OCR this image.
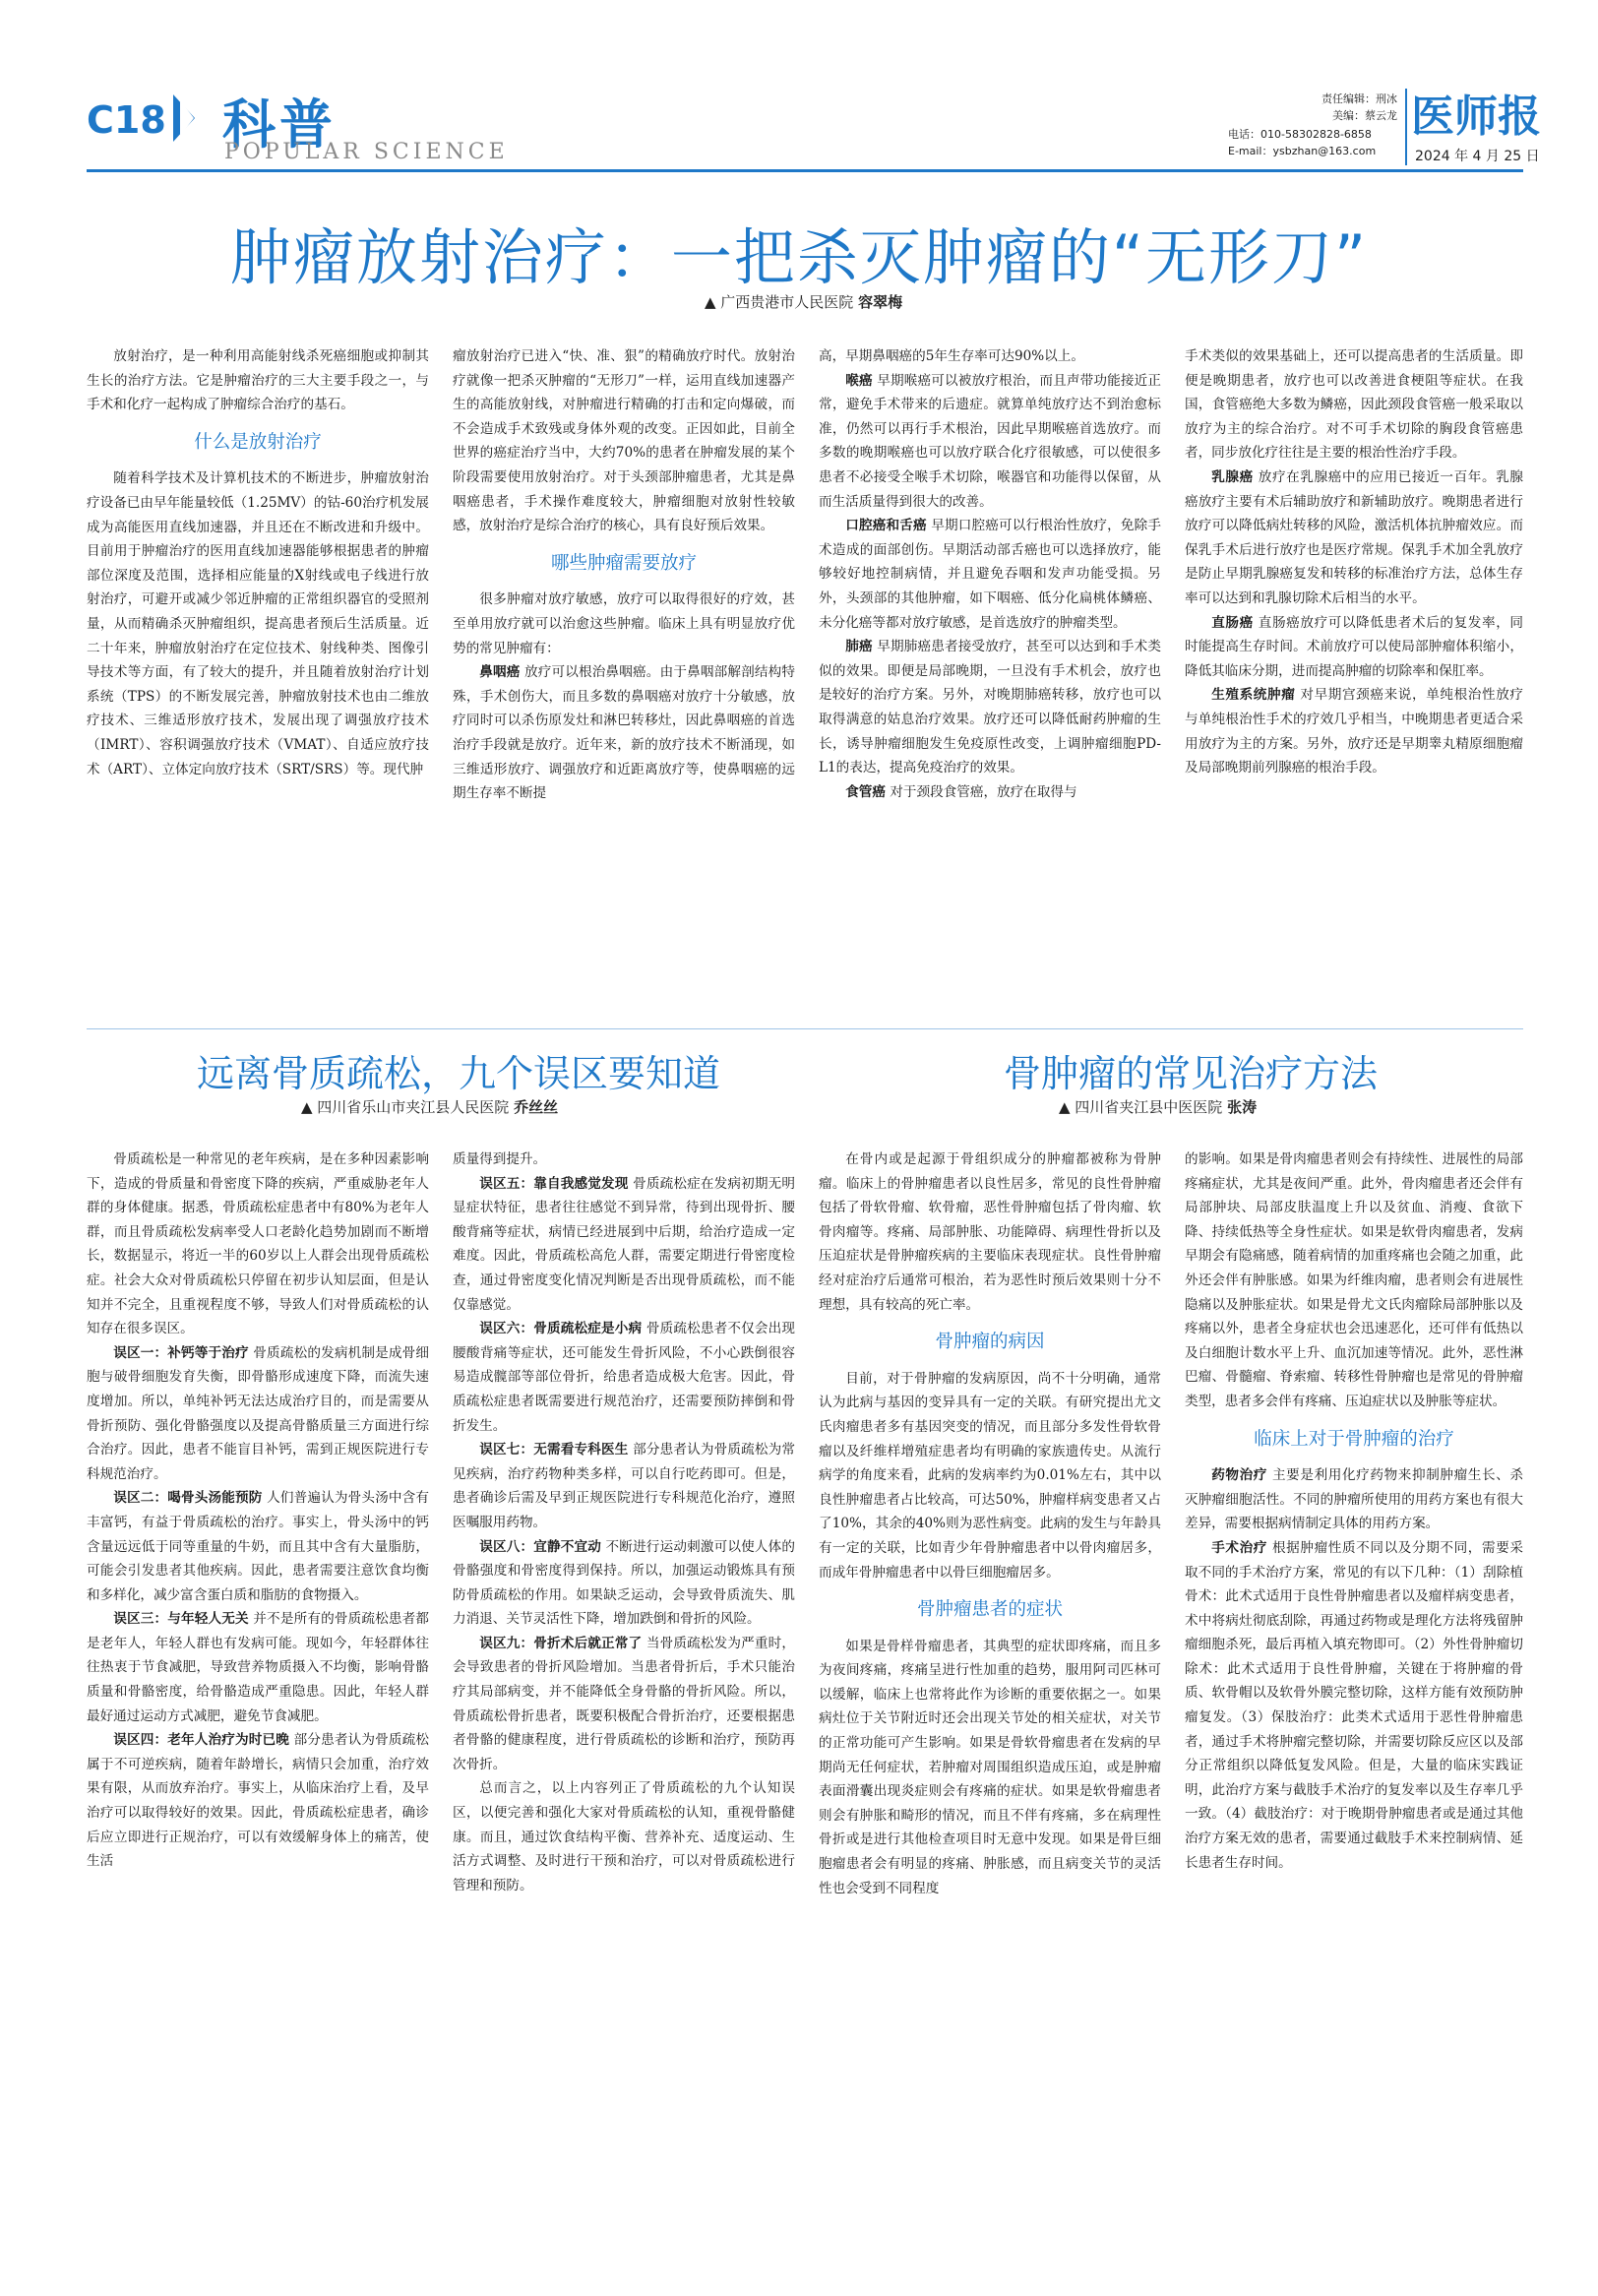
C18 科普
POPULAR SCIENCE
责任编辑：刑冰
美编：蔡云龙
电话：010-58302828-6858
E-mail：ysbzhan@163.com
医师报
2024 年 4 月 25 日
肿瘤放射治疗：一把杀灭肿瘤的“无形刀”
▲ 广西贵港市人民医院 容翠梅

放射治疗，是一种利用高能射线杀死癌细胞或抑制其生长的治疗方法。它是肿瘤治疗的三大主要手段之一，与手术和化疗一起构成了肿瘤综合治疗的基石。

什么是放射治疗

随着科学技术及计算机技术的不断进步，肿瘤放射治疗设备已由早年能量较低（1.25MV）的钴-60治疗机发展成为高能医用直线加速器，并且还在不断改进和升级中。目前用于肿瘤治疗的医用直线加速器能够根据患者的肿瘤部位深度及范围，选择相应能量的X射线或电子线进行放射治疗，可避开或减少邻近肿瘤的正常组织器官的受照剂量，从而精确杀灭肿瘤组织，提高患者预后生活质量。近二十年来，肿瘤放射治疗在定位技术、射线种类、图像引导技术等方面，有了较大的提升，并且随着放射治疗计划系统（TPS）的不断发展完善，肿瘤放射技术也由二维放疗技术、三维适形放疗技术，发展出现了调强放疗技术（IMRT）、容积调强放疗技术（VMAT）、自适应放疗技术（ART）、立体定向放疗技术（SRT/SRS）等。现代肿

瘤放射治疗已进入“快、准、狠”的精确放疗时代。放射治疗就像一把杀灭肿瘤的“无形刀”一样，运用直线加速器产生的高能放射线，对肿瘤进行精确的打击和定向爆破，而不会造成手术致残或身体外观的改变。正因如此，目前全世界的癌症治疗当中，大约70%的患者在肿瘤发展的某个阶段需要使用放射治疗。对于头颈部肿瘤患者，尤其是鼻咽癌患者，手术操作难度较大，肿瘤细胞对放射性较敏感，放射治疗是综合治疗的核心，具有良好预后效果。

哪些肿瘤需要放疗

很多肿瘤对放疗敏感，放疗可以取得很好的疗效，甚至单用放疗就可以治愈这些肿瘤。临床上具有明显放疗优势的常见肿瘤有：

鼻咽癌 放疗可以根治鼻咽癌。由于鼻咽部解剖结构特殊，手术创伤大，而且多数的鼻咽癌对放疗十分敏感，放疗同时可以杀伤原发灶和淋巴转移灶，因此鼻咽癌的首选治疗手段就是放疗。近年来，新的放疗技术不断涌现，如三维适形放疗、调强放疗和近距离放疗等，使鼻咽癌的远期生存率不断提

高，早期鼻咽癌的5年生存率可达90%以上。

喉癌 早期喉癌可以被放疗根治，而且声带功能接近正常，避免手术带来的后遗症。就算单纯放疗达不到治愈标准，仍然可以再行手术根治，因此早期喉癌首选放疗。而多数的晚期喉癌也可以放疗联合化疗很敏感，可以使很多患者不必接受全喉手术切除，喉器官和功能得以保留，从而生活质量得到很大的改善。

口腔癌和舌癌 早期口腔癌可以行根治性放疗，免除手术造成的面部创伤。早期活动部舌癌也可以选择放疗，能够较好地控制病情，并且避免吞咽和发声功能受损。另外，头颈部的其他肿瘤，如下咽癌、低分化扁桃体鳞癌、未分化癌等都对放疗敏感，是首选放疗的肿瘤类型。

肺癌 早期肺癌患者接受放疗，甚至可以达到和手术类似的效果。即便是局部晚期，一旦没有手术机会，放疗也是较好的治疗方案。另外，对晚期肺癌转移，放疗也可以取得满意的姑息治疗效果。放疗还可以降低耐药肿瘤的生长，诱导肿瘤细胞发生免疫原性改变，上调肿瘤细胞PD-L1的表达，提高免疫治疗的效果。

食管癌 对于颈段食管癌，放疗在取得与

手术类似的效果基础上，还可以提高患者的生活质量。即便是晚期患者，放疗也可以改善进食梗阻等症状。在我国，食管癌绝大多数为鳞癌，因此颈段食管癌一般采取以放疗为主的综合治疗。对不可手术切除的胸段食管癌患者，同步放化疗往往是主要的根治性治疗手段。

乳腺癌 放疗在乳腺癌中的应用已接近一百年。乳腺癌放疗主要有术后辅助放疗和新辅助放疗。晚期患者进行放疗可以降低病灶转移的风险，激活机体抗肿瘤效应。而保乳手术后进行放疗也是医疗常规。保乳手术加全乳放疗是防止早期乳腺癌复发和转移的标准治疗方法，总体生存率可以达到和乳腺切除术后相当的水平。

直肠癌 直肠癌放疗可以降低患者术后的复发率，同时能提高生存时间。术前放疗可以使局部肿瘤体积缩小，降低其临床分期，进而提高肿瘤的切除率和保肛率。

生殖系统肿瘤 对早期宫颈癌来说，单纯根治性放疗与单纯根治性手术的疗效几乎相当，中晚期患者更适合采用放疗为主的方案。另外，放疗还是早期睾丸精原细胞瘤及局部晚期前列腺癌的根治手段。

远离骨质疏松，九个误区要知道
▲ 四川省乐山市夹江县人民医院 乔丝丝

骨质疏松是一种常见的老年疾病，是在多种因素影响下，造成的骨质量和骨密度下降的疾病，严重威胁老年人群的身体健康。据悉，骨质疏松症患者中有80%为老年人群，而且骨质疏松发病率受人口老龄化趋势加剧而不断增长，数据显示，将近一半的60岁以上人群会出现骨质疏松症。社会大众对骨质疏松只停留在初步认知层面，但是认知并不完全，且重视程度不够，导致人们对骨质疏松的认知存在很多误区。

误区一：补钙等于治疗 骨质疏松的发病机制是成骨细胞与破骨细胞发育失衡，即骨骼形成速度下降，而流失速度增加。所以，单纯补钙无法达成治疗目的，而是需要从骨折预防、强化骨骼强度以及提高骨骼质量三方面进行综合治疗。因此，患者不能盲目补钙，需到正规医院进行专科规范治疗。

误区二：喝骨头汤能预防 人们普遍认为骨头汤中含有丰富钙，有益于骨质疏松的治疗。事实上，骨头汤中的钙含量远远低于同等重量的牛奶，而且其中含有大量脂肪，可能会引发患者其他疾病。因此，患者需要注意饮食均衡和多样化，减少富含蛋白质和脂肪的食物摄入。

误区三：与年轻人无关 并不是所有的骨质疏松患者都是老年人，年轻人群也有发病可能。现如今，年轻群体往往热衷于节食减肥，导致营养物质摄入不均衡，影响骨骼质量和骨骼密度，给骨骼造成严重隐患。因此，年轻人群最好通过运动方式减肥，避免节食减肥。

误区四：老年人治疗为时已晚 部分患者认为骨质疏松属于不可逆疾病，随着年龄增长，病情只会加重，治疗效果有限，从而放弃治疗。事实上，从临床治疗上看，及早治疗可以取得较好的效果。因此，骨质疏松症患者，确诊后应立即进行正规治疗，可以有效缓解身体上的痛苦，使生活

质量得到提升。

误区五：靠自我感觉发现 骨质疏松症在发病初期无明显症状特征，患者往往感觉不到异常，待到出现骨折、腰酸背痛等症状，病情已经进展到中后期，给治疗造成一定难度。因此，骨质疏松高危人群，需要定期进行骨密度检查，通过骨密度变化情况判断是否出现骨质疏松，而不能仅靠感觉。

误区六：骨质疏松症是小病 骨质疏松患者不仅会出现腰酸背痛等症状，还可能发生骨折风险，不小心跌倒很容易造成髋部等部位骨折，给患者造成极大危害。因此，骨质疏松症患者既需要进行规范治疗，还需要预防摔倒和骨折发生。

误区七：无需看专科医生 部分患者认为骨质疏松为常见疾病，治疗药物种类多样，可以自行吃药即可。但是，患者确诊后需及早到正规医院进行专科规范化治疗，遵照医嘱服用药物。

误区八：宜静不宜动 不断进行运动刺激可以使人体的骨骼强度和骨密度得到保持。所以，加强运动锻炼具有预防骨质疏松的作用。如果缺乏运动，会导致骨质流失、肌力消退、关节灵活性下降，增加跌倒和骨折的风险。

误区九：骨折术后就正常了 当骨质疏松发为严重时，会导致患者的骨折风险增加。当患者骨折后，手术只能治疗其局部病变，并不能降低全身骨骼的骨折风险。所以，骨质疏松骨折患者，既要积极配合骨折治疗，还要根据患者骨骼的健康程度，进行骨质疏松的诊断和治疗，预防再次骨折。

总而言之，以上内容列正了骨质疏松的九个认知误区，以便完善和强化大家对骨质疏松的认知，重视骨骼健康。而且，通过饮食结构平衡、营养补充、适度运动、生活方式调整、及时进行干预和治疗，可以对骨质疏松进行管理和预防。

骨肿瘤的常见治疗方法
▲ 四川省夹江县中医医院 张涛

在骨内或是起源于骨组织成分的肿瘤都被称为骨肿瘤。临床上的骨肿瘤患者以良性居多，常见的良性骨肿瘤包括了骨软骨瘤、软骨瘤，恶性骨肿瘤包括了骨肉瘤、软骨肉瘤等。疼痛、局部肿胀、功能障碍、病理性骨折以及压迫症状是骨肿瘤疾病的主要临床表现症状。良性骨肿瘤经对症治疗后通常可根治，若为恶性时预后效果则十分不理想，具有较高的死亡率。

骨肿瘤的病因

目前，对于骨肿瘤的发病原因，尚不十分明确，通常认为此病与基因的变异具有一定的关联。有研究提出尤文氏肉瘤患者多有基因突变的情况，而且部分多发性骨软骨瘤以及纤维样增殖症患者均有明确的家族遗传史。从流行病学的角度来看，此病的发病率约为0.01%左右，其中以良性肿瘤患者占比较高，可达50%，肿瘤样病变患者又占了10%，其余的40%则为恶性病变。此病的发生与年龄具有一定的关联，比如青少年骨肿瘤患者中以骨肉瘤居多，而成年骨肿瘤患者中以骨巨细胞瘤居多。

骨肿瘤患者的症状

如果是骨样骨瘤患者，其典型的症状即疼痛，而且多为夜间疼痛，疼痛呈进行性加重的趋势，服用阿司匹林可以缓解，临床上也常将此作为诊断的重要依据之一。如果病灶位于关节附近时还会出现关节处的相关症状，对关节的正常功能可产生影响。如果是骨软骨瘤患者在发病的早期尚无任何症状，若肿瘤对周围组织造成压迫，或是肿瘤表面滑囊出现炎症则会有疼痛的症状。如果是软骨瘤患者则会有肿胀和畸形的情况，而且不伴有疼痛，多在病理性骨折或是进行其他检查项目时无意中发现。如果是骨巨细胞瘤患者会有明显的疼痛、肿胀感，而且病变关节的灵活性也会受到不同程度

的影响。如果是骨肉瘤患者则会有持续性、进展性的局部疼痛症状，尤其是夜间严重。此外，骨肉瘤患者还会伴有局部肿块、局部皮肤温度上升以及贫血、消瘦、食欲下降、持续低热等全身性症状。如果是软骨肉瘤患者，发病早期会有隐痛感，随着病情的加重疼痛也会随之加重，此外还会伴有肿胀感。如果为纤维肉瘤，患者则会有进展性隐痛以及肿胀症状。如果是骨尤文氏肉瘤除局部肿胀以及疼痛以外，患者全身症状也会迅速恶化，还可伴有低热以及白细胞计数水平上升、血沉加速等情况。此外，恶性淋巴瘤、骨髓瘤、脊索瘤、转移性骨肿瘤也是常见的骨肿瘤类型，患者多会伴有疼痛、压迫症状以及肿胀等症状。

临床上对于骨肿瘤的治疗

药物治疗 主要是利用化疗药物来抑制肿瘤生长、杀灭肿瘤细胞活性。不同的肿瘤所使用的用药方案也有很大差异，需要根据病情制定具体的用药方案。

手术治疗 根据肿瘤性质不同以及分期不同，需要采取不同的手术治疗方案，常见的有以下几种：（1）刮除植骨术：此术式适用于良性骨肿瘤患者以及瘤样病变患者，术中将病灶彻底刮除，再通过药物或是理化方法将残留肿瘤细胞杀死，最后再植入填充物即可。（2）外性骨肿瘤切除术：此术式适用于良性骨肿瘤，关键在于将肿瘤的骨质、软骨帽以及软骨外膜完整切除，这样方能有效预防肿瘤复发。（3）保肢治疗：此类术式适用于恶性骨肿瘤患者，通过手术将肿瘤完整切除，并需要切除反应区以及部分正常组织以降低复发风险。但是，大量的临床实践证明，此治疗方案与截肢手术治疗的复发率以及生存率几乎一致。（4）截肢治疗：对于晚期骨肿瘤患者或是通过其他治疗方案无效的患者，需要通过截肢手术来控制病情、延长患者生存时间。
